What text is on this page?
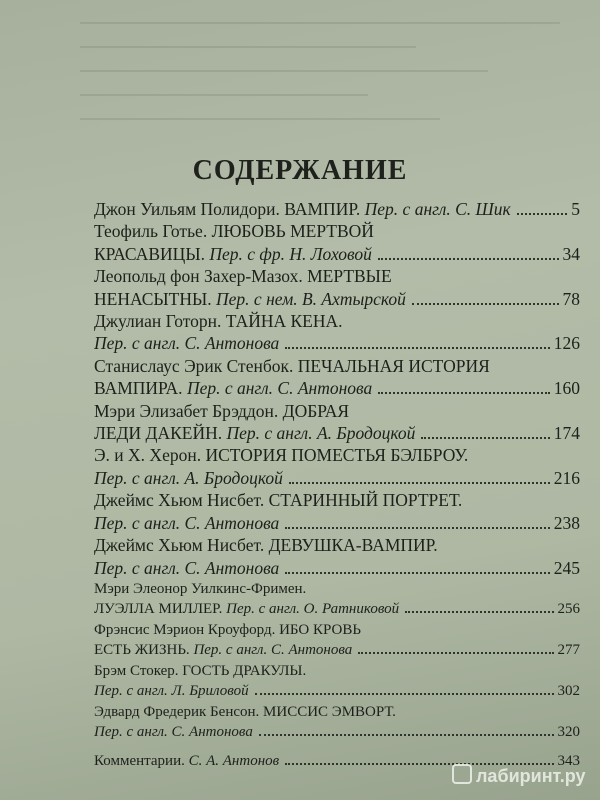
СОДЕРЖАНИЕ
Джон Уильям Полидори. ВАМПИР. Пер. с англ. С. Шик	5
Теофиль Готье. ЛЮБОВЬ МЕРТВОЙ
КРАСАВИЦЫ. Пер. с фр. Н. Лоховой	34
Леопольд фон Захер-Мазох. МЕРТВЫЕ
НЕНАСЫТНЫ. Пер. с нем. В. Ахтырской	78
Джулиан Готорн. ТАЙНА КЕНА.
Пер. с англ. С. Антонова	126
Станислаус Эрик Стенбок. ПЕЧАЛЬНАЯ ИСТОРИЯ
ВАМПИРА. Пер. с англ. С. Антонова	160
Мэри Элизабет Брэддон. ДОБРАЯ
ЛЕДИ ДАКЕЙН. Пер. с англ. А. Бродоцкой	174
Э. и Х. Херон. ИСТОРИЯ ПОМЕСТЬЯ БЭЛБРОУ.
Пер. с англ. А. Бродоцкой	216
Джеймс Хьюм Нисбет. СТАРИННЫЙ ПОРТРЕТ.
Пер. с англ. С. Антонова	238
Джеймс Хьюм Нисбет. ДЕВУШКА-ВАМПИР.
Пер. с англ. С. Антонова	245
Мэри Элеонор Уилкинс-Фримен.
ЛУЭЛЛА МИЛЛЕР. Пер. с англ. О. Ратниковой	256
Фрэнсис Мэрион Кроуфорд. ИБО КРОВЬ
ЕСТЬ ЖИЗНЬ. Пер. с англ. С. Антонова	277
Брэм Стокер. ГОСТЬ ДРАКУЛЫ.
Пер. с англ. Л. Бриловой	302
Эдвард Фредерик Бенсон. МИССИС ЭМВОРТ.
Пер. с англ. С. Антонова	320
Комментарии. С. А. Антонов	343
лабиринт.ру
